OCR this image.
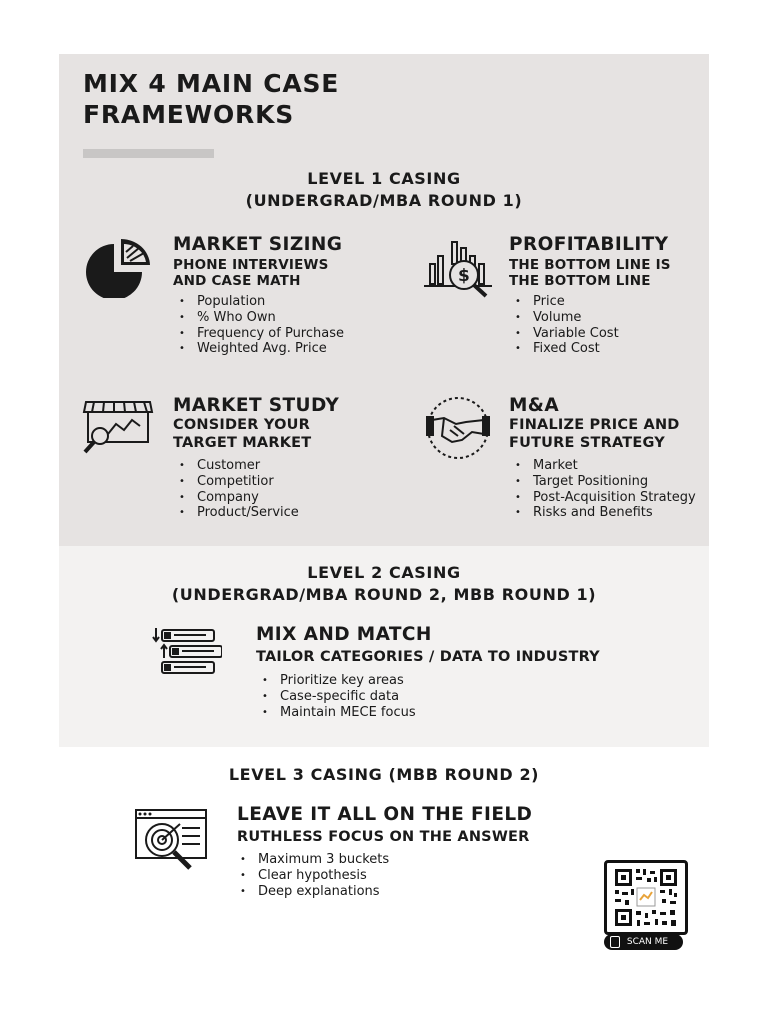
MIX 4 MAIN CASE
FRAMEWORKS
LEVEL 1 CASING
(UNDERGRAD/MBA ROUND 1)
MARKET SIZING
PHONE INTERVIEWS
AND CASE MATH
• Population
• % Who Own
• Frequency of Purchase
• Weighted Avg. Price
$
PROFITABILITY
THE BOTTOM LINE IS
THE BOTTOM LINE
• Price
• Volume
• Variable Cost
• Fixed Cost
MARKET STUDY
CONSIDER YOUR
TARGET MARKET
• Customer
• Competitior
• Company
• Product/Service
M&A
FINALIZE PRICE AND
FUTURE STRATEGY
• Market
• Target Positioning
• Post-Acquisition Strategy
• Risks and Benefits
LEVEL 2 CASING
(UNDERGRAD/MBA ROUND 2, MBB ROUND 1)
MIX AND MATCH
TAILOR CATEGORIES / DATA TO INDUSTRY
• Prioritize key areas
• Case-specific data
• Maintain MECE focus
LEVEL 3 CASING (MBB ROUND 2)
LEAVE IT ALL ON THE FIELD
RUTHLESS FOCUS ON THE ANSWER
• Maximum 3 buckets
• Clear hypothesis
• Deep explanations
SCAN ME
